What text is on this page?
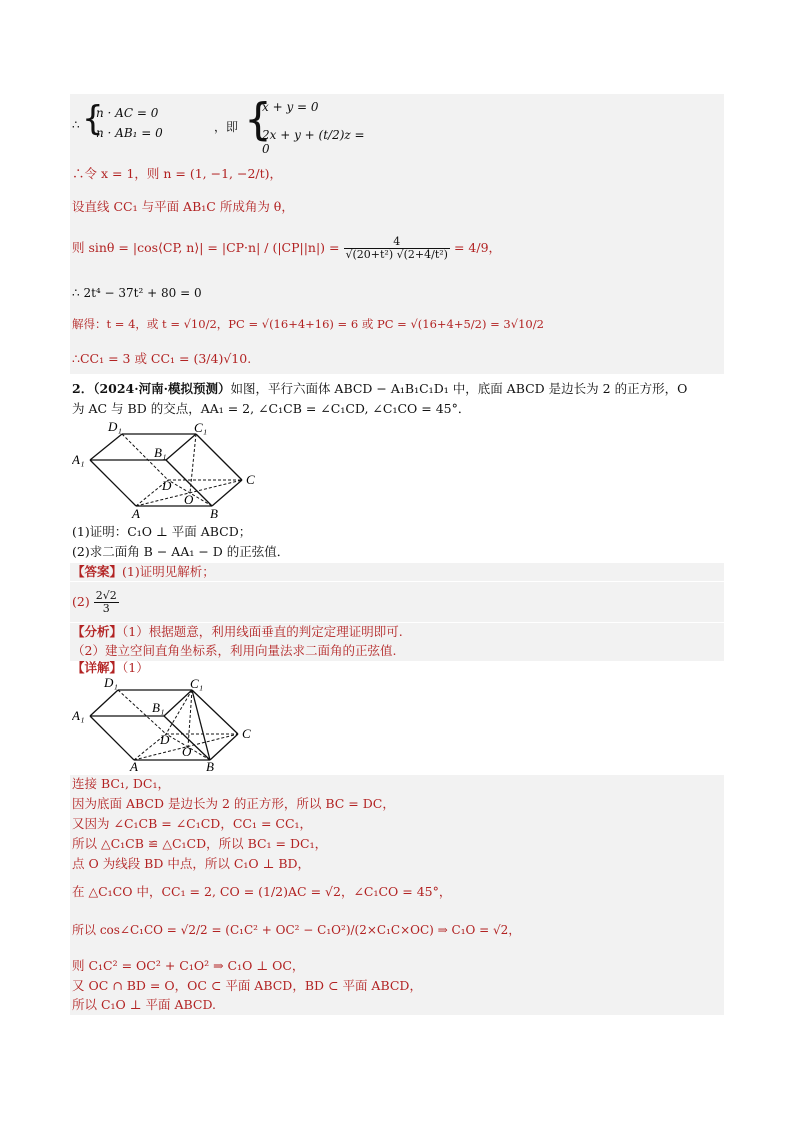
∴ {
n · AC = 0
n · AB₁ = 0	，即 {
x + y = 0
2x + y + (t/2)z = 0
∴令 x = 1，则 n = (1, −1, −2/t)，
设直线 CC₁ 与平面 AB₁C 所成角为 θ，
则 sinθ = |cos⟨CP, n⟩| = $|CP\cdot n| / (|CP||n|) = \frac{4}{\text{√(20+t²) √(2+4/t²)}} = 4/9$，
∴ 2t⁴ − 37t² + 80 = 0
解得：t = 4，或 t = √10/2，PC = √(16+4+16) = 6 或 PC = √(16+4+5/2) = 3√10/2
∴CC₁ = 3 或 CC₁ = (3/4)√10.
2．（2024·河南·模拟预测）如图，平行六面体 ABCD − A₁B₁C₁D₁ 中，底面 ABCD 是边长为 2 的正方形，O
为 AC 与 BD 的交点，AA₁ = 2, ∠C₁CB = ∠C₁CD, ∠C₁CO = 45°．
D₁	C₁
A₁	B₁
D	C
O
A	B
(1)证明：C₁O ⊥ 平面 ABCD；
(2)求二面角 B − AA₁ − D 的正弦值．
【答案】(1)证明见解析；
$(2) \frac{2√2}{3}$
【分析】（1）根据题意，利用线面垂直的判定定理证明即可.
（2）建立空间直角坐标系，利用向量法求二面角的正弦值.
【详解】（1）
D₁	C₁
A₁
B₁
D	C
O
A	B
连接 BC₁, DC₁，
因为底面 ABCD 是边长为 2 的正方形，所以 BC = DC，
又因为 ∠C₁CB = ∠C₁CD，CC₁ = CC₁，
所以 △C₁CB ≌ △C₁CD，所以 BC₁ = DC₁，
点 O 为线段 BD 中点，所以 C₁O ⊥ BD，
在 △C₁CO 中，CC₁ = 2, CO = (1/2)AC = √2，∠C₁CO = 45°，
所以 cos∠C₁CO = √2/2 = (C₁C² + OC² − C₁O²)/(2×C₁C×OC) ⇒ C₁O = √2，
则 C₁C² = OC² + C₁O² ⇒ C₁O ⊥ OC，
又 OC ∩ BD = O，OC ⊂ 平面 ABCD，BD ⊂ 平面 ABCD，
所以 C₁O ⊥ 平面 ABCD.
